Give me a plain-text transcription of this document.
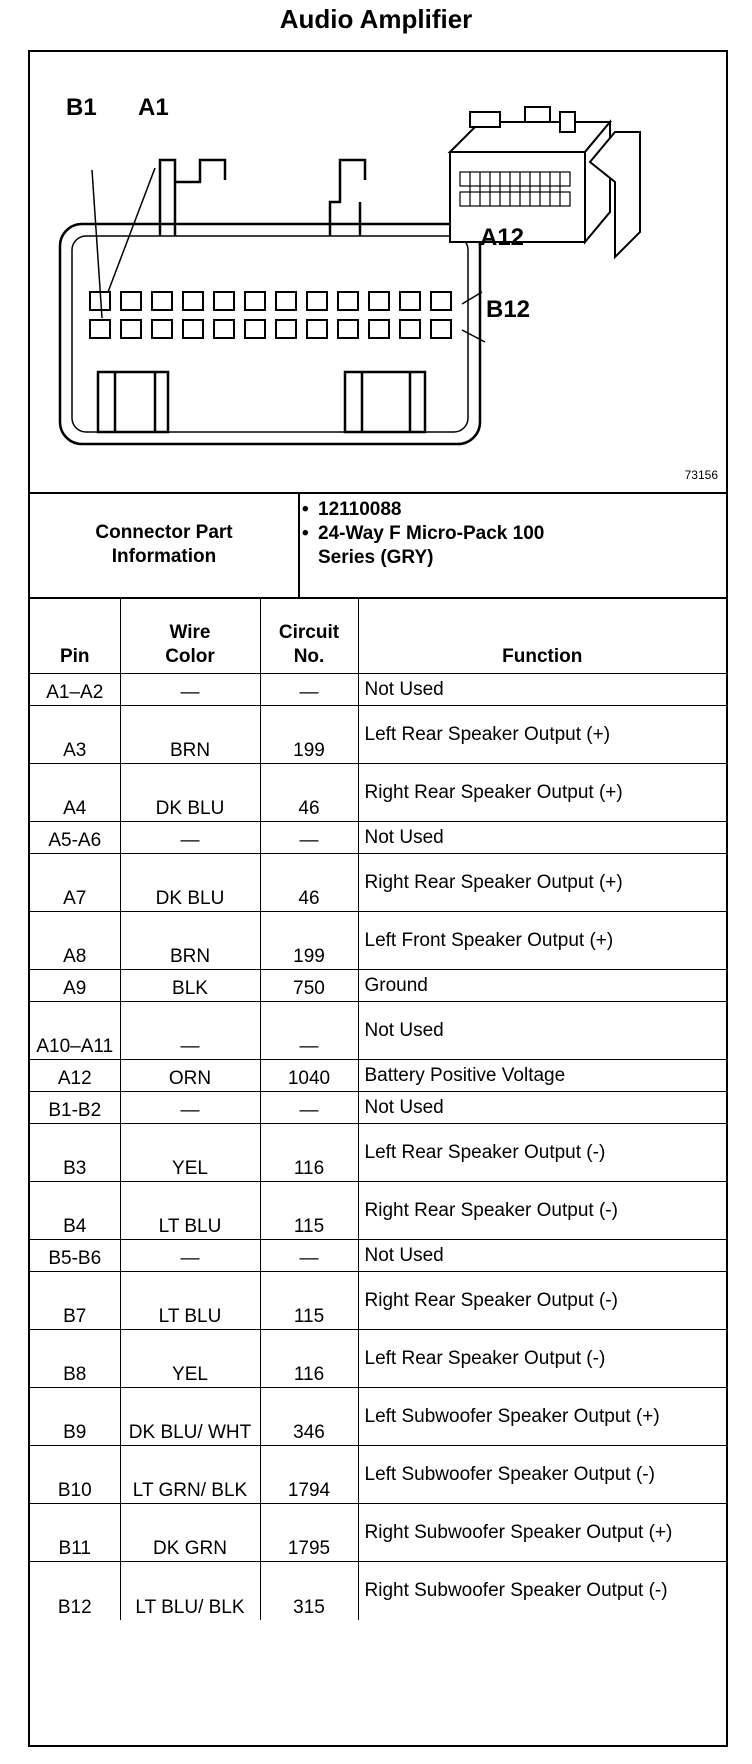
Audio Amplifier
B1 A1
A12
B12
73156
Connector Part Information
• 12110088
• 24-Way F Micro-Pack 100 Series (GRY)
Pin	Wire Color	Circuit No.	Function
A1–A2	—	—	Not Used
A3	BRN	199	Left Rear Speaker Output (+)
A4	DK BLU	46	Right Rear Speaker Output (+)
A5-A6	—	—	Not Used
A7	DK BLU	46	Right Rear Speaker Output (+)
A8	BRN	199	Left Front Speaker Output (+)
A9	BLK	750	Ground
A10–A11	—	—	Not Used
A12	ORN	1040	Battery Positive Voltage
B1-B2	—	—	Not Used
B3	YEL	116	Left Rear Speaker Output (-)
B4	LT BLU	115	Right Rear Speaker Output (-)
B5-B6	—	—	Not Used
B7	LT BLU	115	Right Rear Speaker Output (-)
B8	YEL	116	Left Rear Speaker Output (-)
B9	DK BLU/ WHT	346	Left Subwoofer Speaker Output (+)
B10	LT GRN/ BLK	1794	Left Subwoofer Speaker Output (-)
B11	DK GRN	1795	Right Subwoofer Speaker Output (+)
B12	LT BLU/ BLK	315	Right Subwoofer Speaker Output (-)
